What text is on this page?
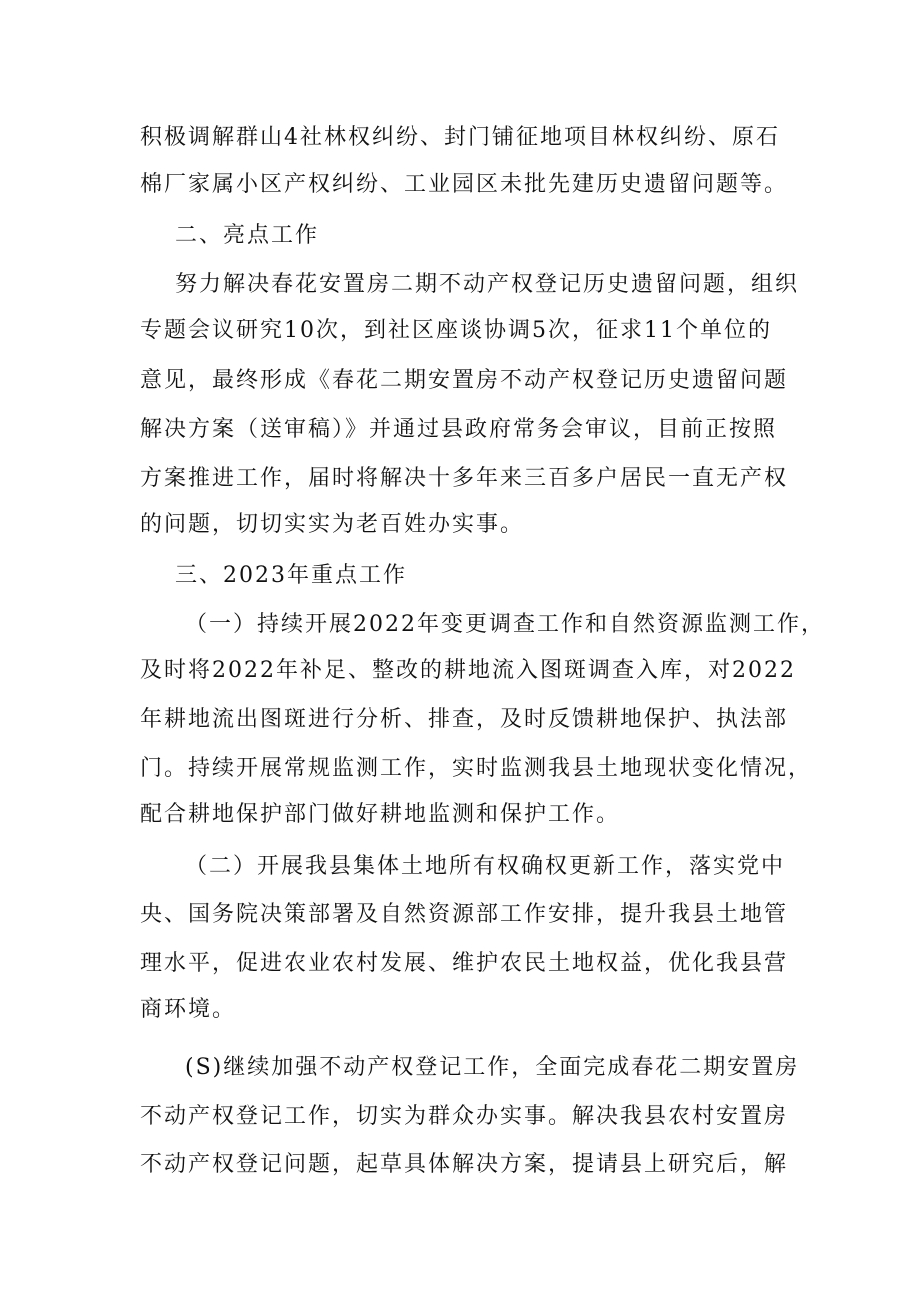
积极调解群山4社林权纠纷、封门铺征地项目林权纠纷、原石
棉厂家属小区产权纠纷、工业园区未批先建历史遗留问题等。
二、亮点工作
努力解决春花安置房二期不动产权登记历史遗留问题，组织
专题会议研究10次，到社区座谈协调5次，征求11个单位的
意见，最终形成《春花二期安置房不动产权登记历史遗留问题
解决方案（送审稿）》并通过县政府常务会审议，目前正按照
方案推进工作，届时将解决十多年来三百多户居民一直无产权
的问题，切切实实为老百姓办实事。
三、2023年重点工作
（一）持续开展2022年变更调查工作和自然资源监测工作，
及时将2022年补足、整改的耕地流入图斑调查入库，对2022
年耕地流出图斑进行分析、排查，及时反馈耕地保护、执法部
门。持续开展常规监测工作，实时监测我县土地现状变化情况，
配合耕地保护部门做好耕地监测和保护工作。
（二）开展我县集体土地所有权确权更新工作，落实党中
央、国务院决策部署及自然资源部工作安排，提升我县土地管
理水平，促进农业农村发展、维护农民土地权益，优化我县营
商环境。
(S)继续加强不动产权登记工作，全面完成春花二期安置房
不动产权登记工作，切实为群众办实事。解决我县农村安置房
不动产权登记问题，起草具体解决方案，提请县上研究后，解
